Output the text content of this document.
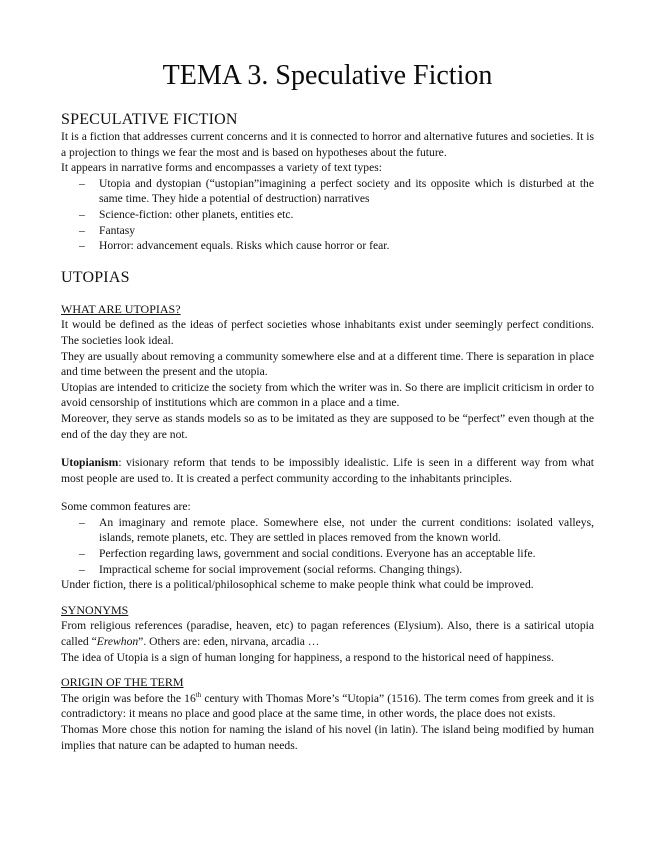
TEMA 3. Speculative Fiction
SPECULATIVE FICTION

It is a fiction that addresses current concerns and it is connected to horror and alternative futures and societies. It is a projection to things we fear the most and is based on hypotheses about the future.

It appears in narrative forms and encompasses a variety of text types:

– Utopia and dystopian (“ustopian”imagining a perfect society and its opposite which is disturbed at the same time. They hide a potential of destruction) narratives
– Science-fiction: other planets, entities etc.
– Fantasy
– Horror: advancement equals. Risks which cause horror or fear.
UTOPIAS
WHAT ARE UTOPIAS?

It would be defined as the ideas of perfect societies whose inhabitants exist under seemingly perfect conditions. The societies look ideal.

They are usually about removing a community somewhere else and at a different time. There is separation in place and time between the present and the utopia.

Utopias are intended to criticize the society from which the writer was in. So there are implicit criticism in order to avoid censorship of institutions which are common in a place and a time.

Moreover, they serve as stands models so as to be imitated as they are supposed to be “perfect” even though at the end of the day they are not.

Utopianism: visionary reform that tends to be impossibly idealistic. Life is seen in a different way from what most people are used to. It is created a perfect community according to the inhabitants principles.

Some common features are:

– An imaginary and remote place. Somewhere else, not under the current conditions: isolated valleys, islands, remote planets, etc. They are settled in places removed from the known world.
– Perfection regarding laws, government and social conditions. Everyone has an acceptable life.
– Impractical scheme for social improvement (social reforms. Changing things).

Under fiction, there is a political/philosophical scheme to make people think what could be improved.

SYNONYMS

From religious references (paradise, heaven, etc) to pagan references (Elysium). Also, there is a satirical utopia called “Erewhon”. Others are: eden, nirvana, arcadia …

The idea of Utopia is a sign of human longing for happiness, a respond to the historical need of happiness.

ORIGIN OF THE TERM

The origin was before the 16th century with Thomas More’s “Utopia” (1516). The term comes from greek and it is contradictory: it means no place and good place at the same time, in other words, the place does not exists.

Thomas More chose this notion for naming the island of his novel (in latin). The island being modified by human implies that nature can be adapted to human needs.
